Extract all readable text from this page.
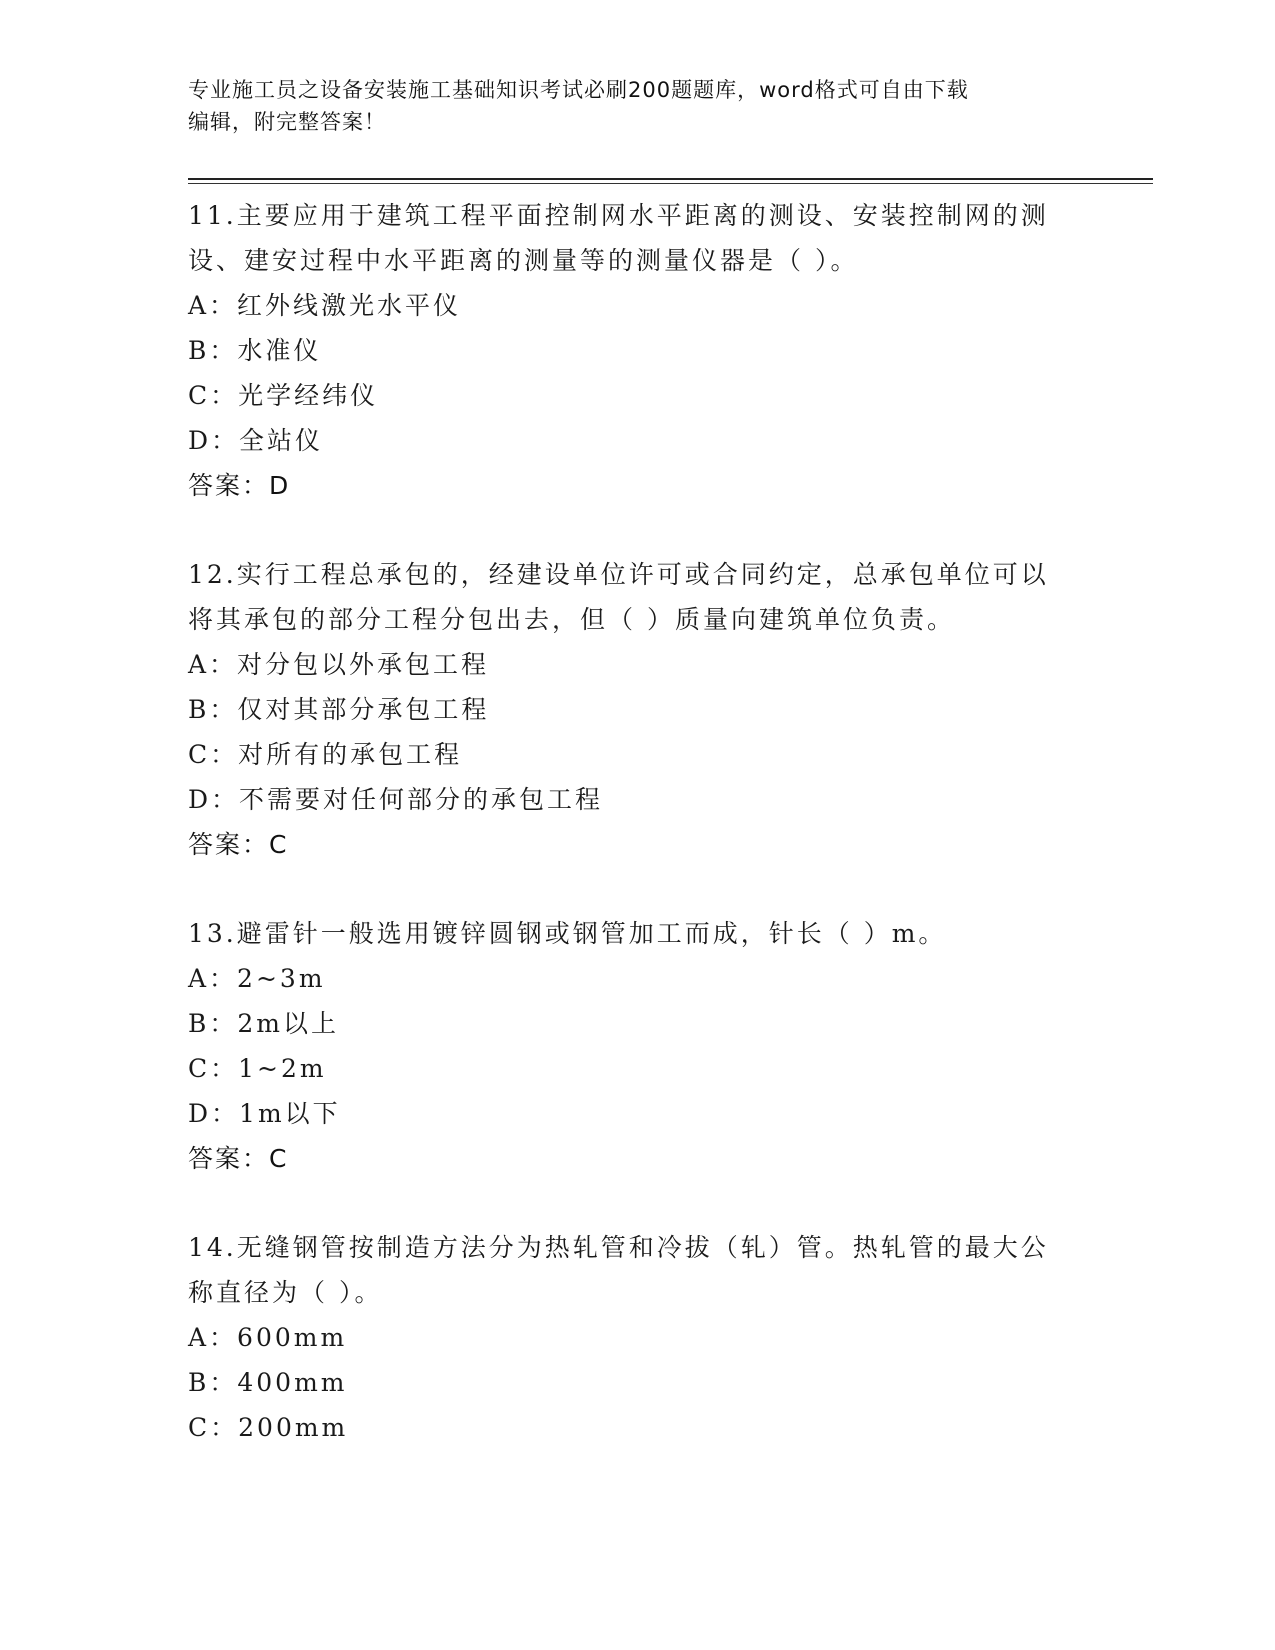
专业施工员之设备安装施工基础知识考试必刷200题题库，word格式可自由下载
编辑，附完整答案！

11.主要应用于建筑工程平面控制网水平距离的测设、安装控制网的测

设、建安过程中水平距离的测量等的测量仪器是（ ）。

A：红外线激光水平仪

B：水准仪

C：光学经纬仪

D：全站仪

答案：D

12.实行工程总承包的，经建设单位许可或合同约定，总承包单位可以

将其承包的部分工程分包出去，但（ ）质量向建筑单位负责。

A：对分包以外承包工程

B：仅对其部分承包工程

C：对所有的承包工程

D：不需要对任何部分的承包工程

答案：C

13.避雷针一般选用镀锌圆钢或钢管加工而成，针长（ ）m。

A：2~3m

B：2m以上

C：1~2m

D：1m以下

答案：C

14.无缝钢管按制造方法分为热轧管和冷拔（轧）管。热轧管的最大公

称直径为（ ）。

A：600mm

B：400mm

C：200mm
